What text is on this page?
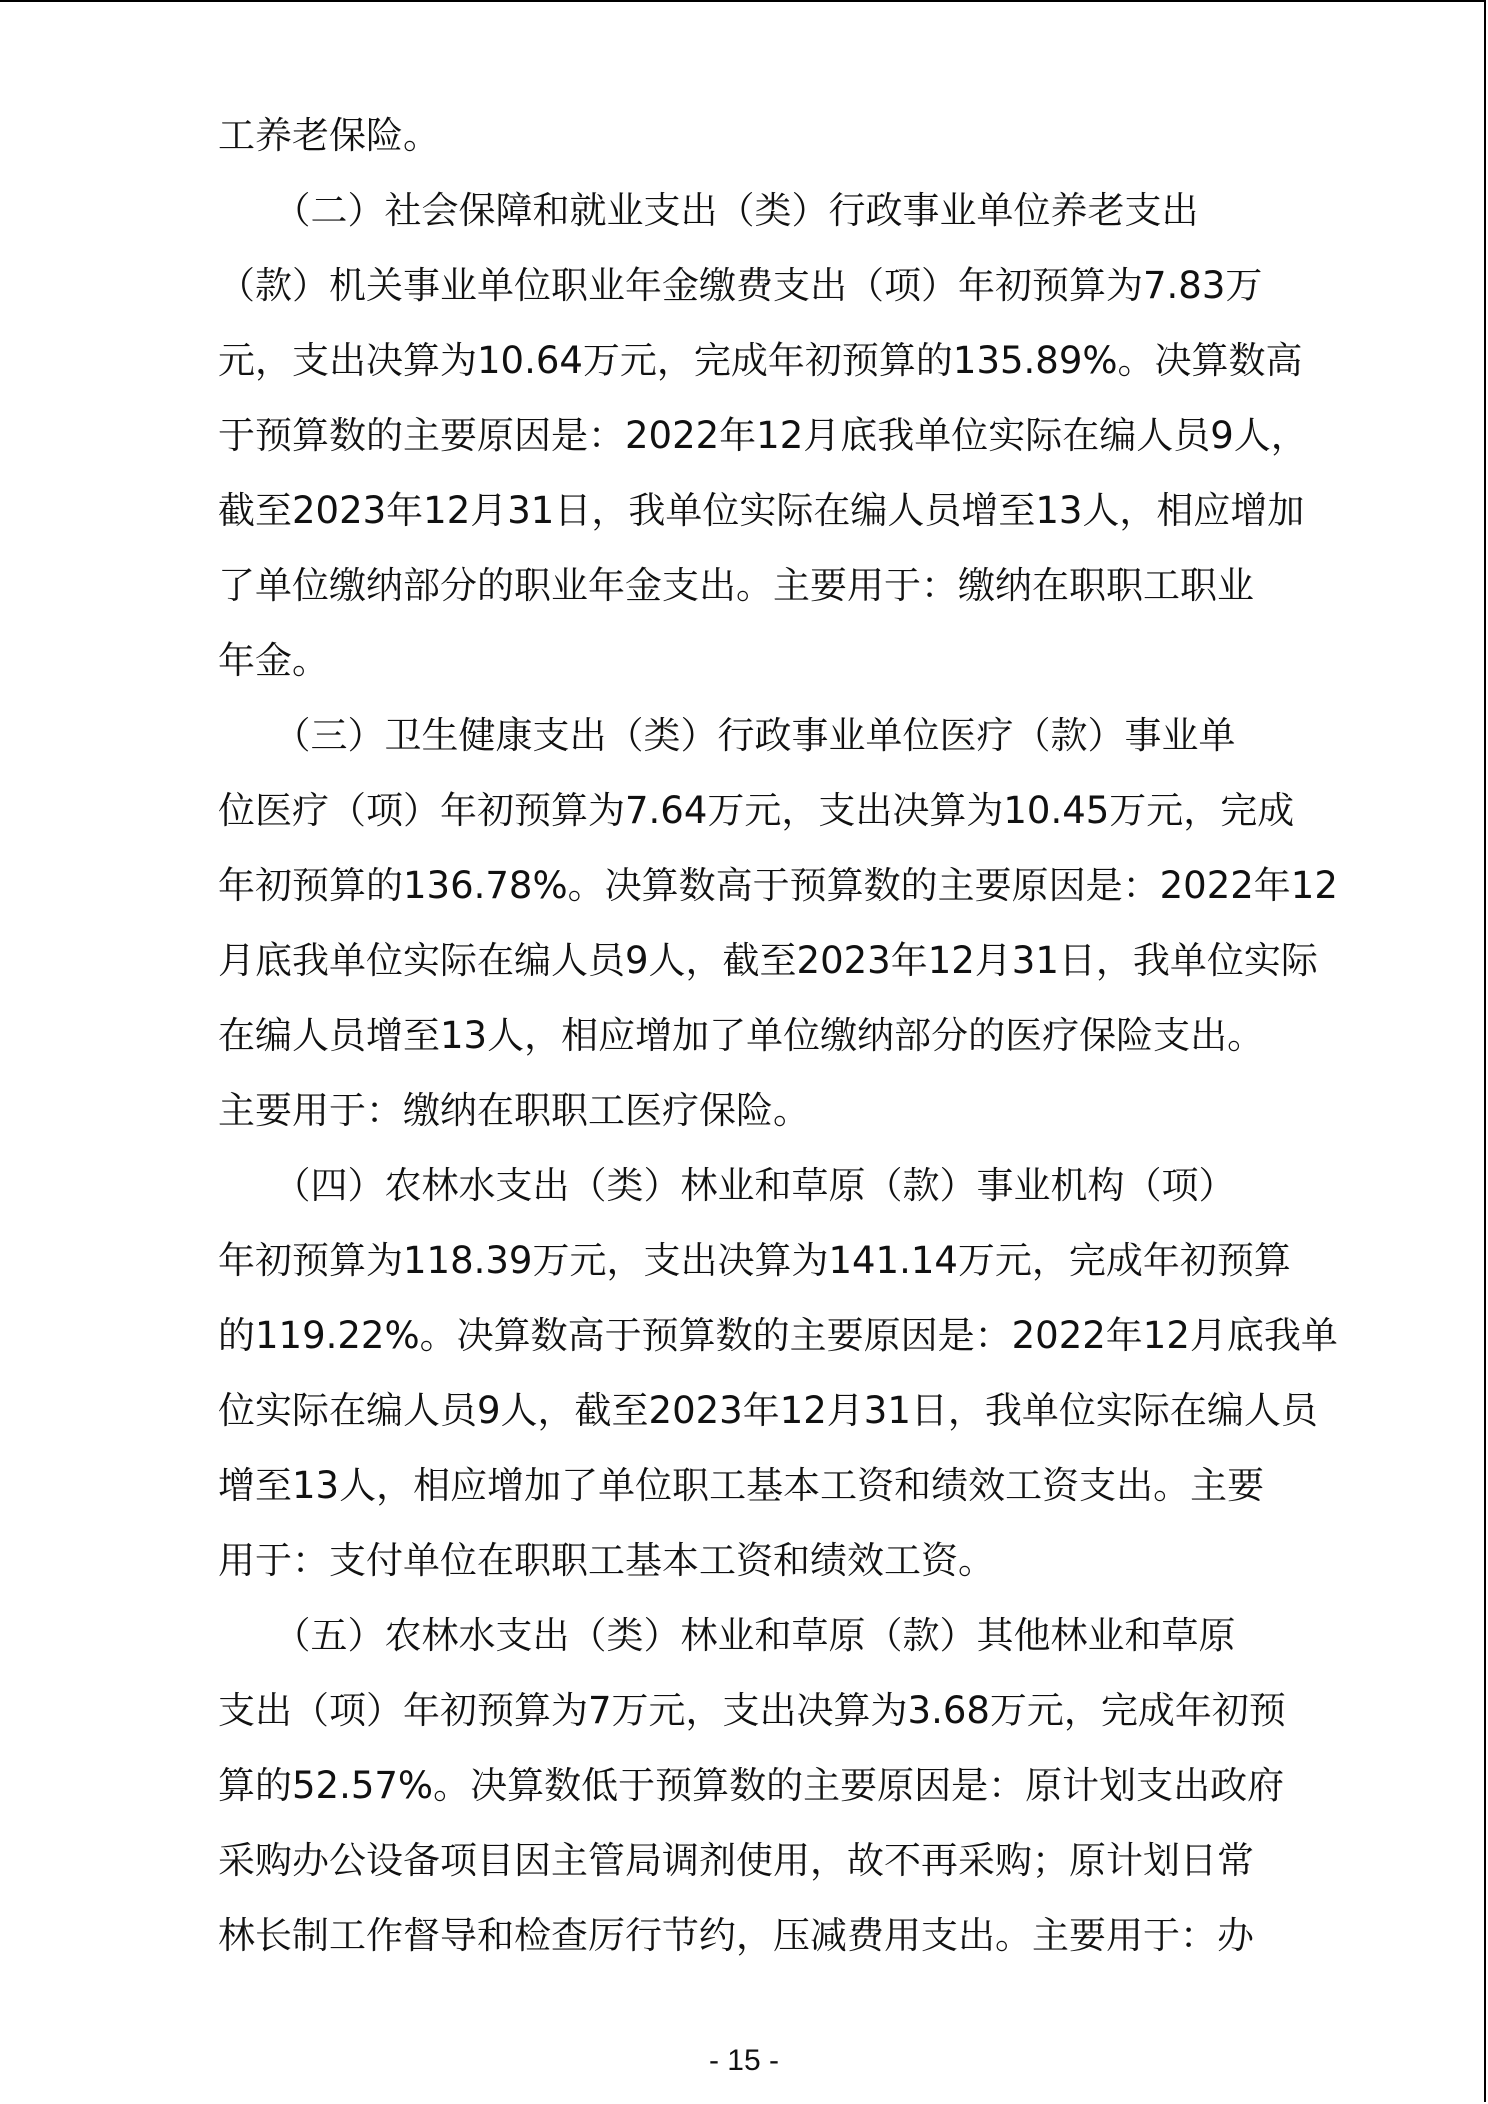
工养老保险。
　　（二）社会保障和就业支出（类）行政事业单位养老支出
（款）机关事业单位职业年金缴费支出（项）年初预算为7.83万
元，支出决算为10.64万元，完成年初预算的135.89%。决算数高
于预算数的主要原因是：2022年12月底我单位实际在编人员9人，
截至2023年12月31日，我单位实际在编人员增至13人，相应增加
了单位缴纳部分的职业年金支出。主要用于：缴纳在职职工职业
年金。
　　（三）卫生健康支出（类）行政事业单位医疗（款）事业单
位医疗（项）年初预算为7.64万元，支出决算为10.45万元，完成
年初预算的136.78%。决算数高于预算数的主要原因是：2022年12
月底我单位实际在编人员9人，截至2023年12月31日，我单位实际
在编人员增至13人，相应增加了单位缴纳部分的医疗保险支出。
主要用于：缴纳在职职工医疗保险。
　　（四）农林水支出（类）林业和草原（款）事业机构（项）
年初预算为118.39万元，支出决算为141.14万元，完成年初预算
的119.22%。决算数高于预算数的主要原因是：2022年12月底我单
位实际在编人员9人，截至2023年12月31日，我单位实际在编人员
增至13人，相应增加了单位职工基本工资和绩效工资支出。主要
用于：支付单位在职职工基本工资和绩效工资。
　　（五）农林水支出（类）林业和草原（款）其他林业和草原
支出（项）年初预算为7万元，支出决算为3.68万元，完成年初预
算的52.57%。决算数低于预算数的主要原因是：原计划支出政府
采购办公设备项目因主管局调剂使用，故不再采购；原计划日常
林长制工作督导和检查厉行节约，压减费用支出。主要用于：办
- 15 -
